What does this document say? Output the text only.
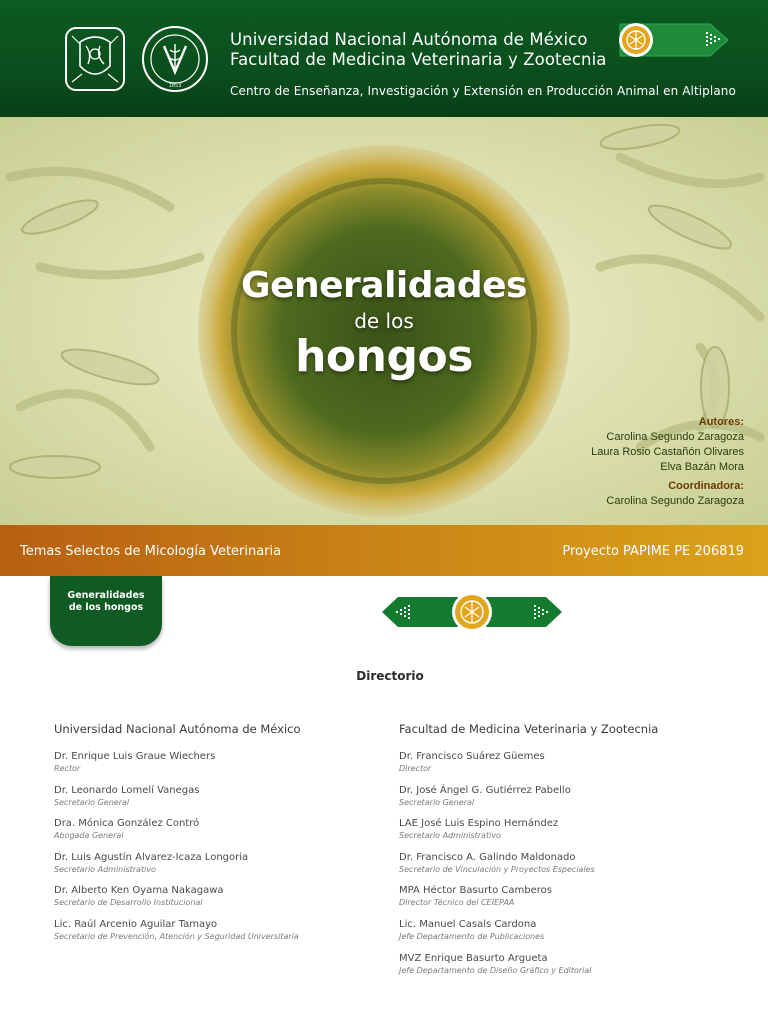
1853
Universidad Nacional Autónoma de México
Facultad de Medicina Veterinaria y Zootecnia
Centro de Enseñanza, Investigación y Extensión en Producción Animal en Altiplano
Generalidades
de los
hongos
Autores:
Carolina Segundo Zaragoza
Laura Rosio Castañón Olivares
Elva Bazán Mora
Coordinadora:
Carolina Segundo Zaragoza
Temas Selectos de Micología Veterinaria	Proyecto PAPIME PE 206819
Generalidades
de los hongos
Directorio
Universidad Nacional Autónoma de México
Dr. Enrique Luis Graue Wiechers
Rector
Dr. Leonardo Lomelí Vanegas
Secretario General
Dra. Mónica González Contró
Abogada General
Dr. Luis Agustín Alvarez-Icaza Longoria
Secretario Administrativo
Dr. Alberto Ken Oyama Nakagawa
Secretario de Desarrollo Institucional
Lic. Raúl Arcenio Aguilar Tamayo
Secretario de Prevención, Atención y Seguridad Universitaria
Facultad de Medicina Veterinaria y Zootecnia
Dr. Francisco Suárez Güemes
Director
Dr. José Ángel G. Gutiérrez Pabello
Secretario General
LAE José Luis Espino Hernández
Secretario Administrativo
Dr. Francisco A. Galindo Maldonado
Secretario de Vinculación y Proyectos Especiales
MPA Héctor Basurto Camberos
Director Técnico del CEIEPAA
Lic. Manuel Casals Cardona
Jefe Departamento de Publicaciones
MVZ Enrique Basurto Argueta
Jefe Departamento de Diseño Gráfico y Editorial
